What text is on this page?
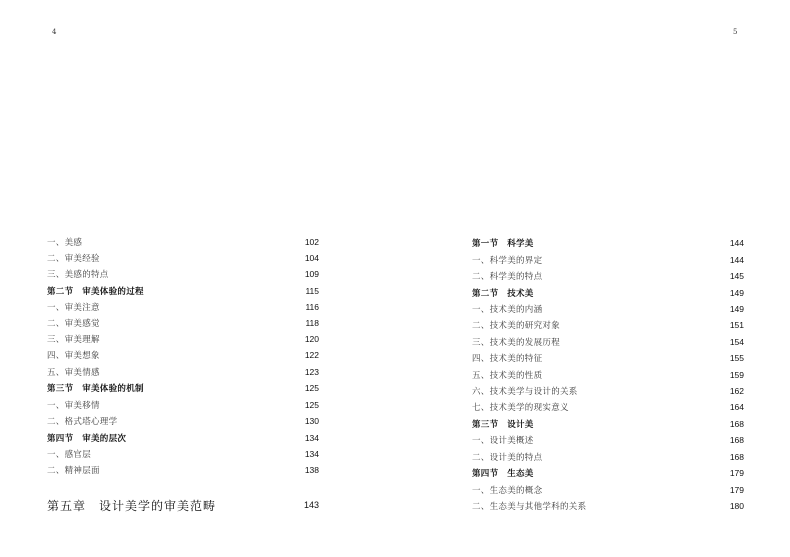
4	5
一、美感	102
二、审美经验	104
三、美感的特点	109
第二节　审美体验的过程	115
一、审美注意	116
二、审美感觉	118
三、审美理解	120
四、审美想象	122
五、审美情感	123
第三节　审美体验的机制	125
一、审美移情	125
二、格式塔心理学	130
第四节　审美的层次	134
一、感官层	134
二、精神层面	138
第五章　设计美学的审美范畴	143
第一节　科学美	144
一、科学美的界定	144
二、科学美的特点	145
第二节　技术美	149
一、技术美的内涵	149
二、技术美的研究对象	151
三、技术美的发展历程	154
四、技术美的特征	155
五、技术美的性质	159
六、技术美学与设计的关系	162
七、技术美学的现实意义	164
第三节　设计美	168
一、设计美概述	168
二、设计美的特点	168
第四节　生态美	179
一、生态美的概念	179
二、生态美与其他学科的关系	180
